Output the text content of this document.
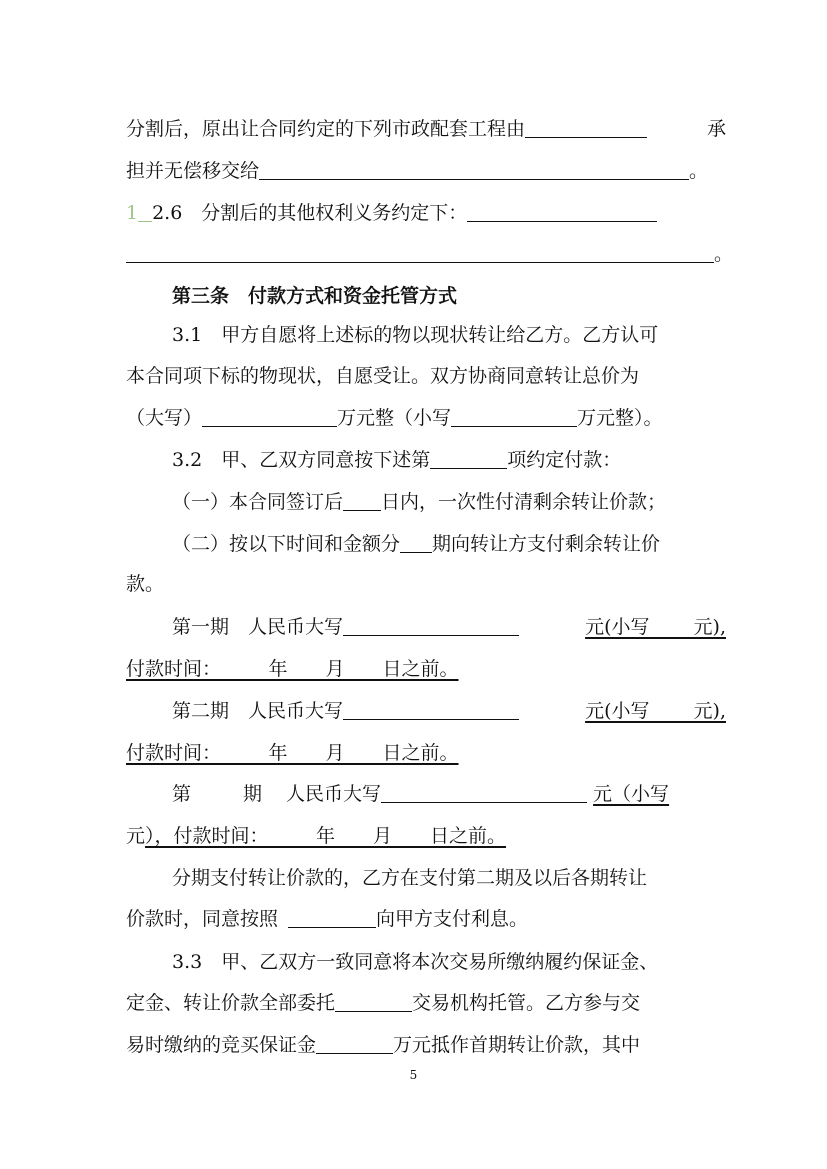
分割后，原出让合同约定的下列市政配套工程由	承
担并无偿移交给	。
1 2.6　分割后的其他权利义务约定下：
。
第三条　付款方式和资金托管方式
3.1　甲方自愿将上述标的物以现状转让给乙方。乙方认可
本合同项下标的物现状，自愿受让。双方协商同意转让总价为
（大写）	万元整（小写	万元整）。
3.2　甲、乙双方同意按下述第	项约定付款：
（一）本合同签订后 日内，一次性付清剩余转让价款；
（二）按以下时间和金额分 期向转让方支付剩余转让价
款。
第一期　人民币大写	元(小写　　 元),
付款时间：　　　年　　月　　日之前。
第二期　人民币大写	元(小写　　 元),
付款时间：　　　年　　月　　日之前。
第	期 人民币大写	元（小写
元），付款时间：　　　年　　月　　日之前。
分期支付转让价款的，乙方在支付第二期及以后各期转让
价款时，同意按照	向甲方支付利息。
3.3　甲、乙双方一致同意将本次交易所缴纳履约保证金、
定金、转让价款全部委托	交易机构托管。乙方参与交
易时缴纳的竞买保证金	万元抵作首期转让价款，其中
5
